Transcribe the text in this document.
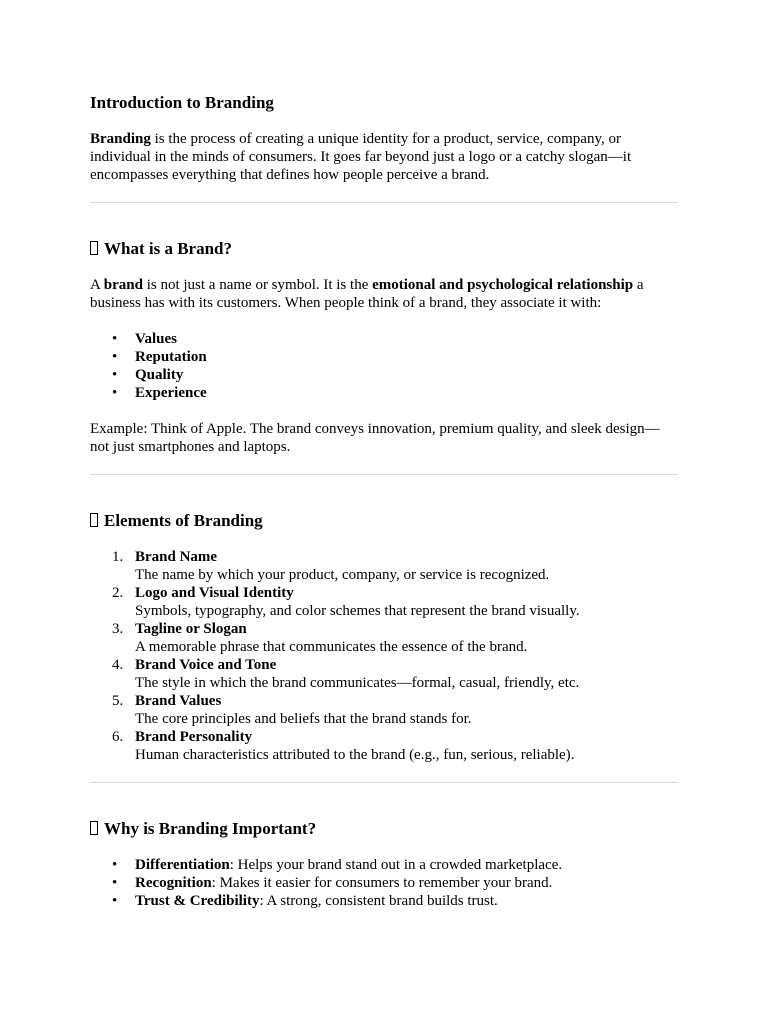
Introduction to Branding

Branding is the process of creating a unique identity for a product, service, company, or individual in the minds of consumers. It goes far beyond just a logo or a catchy slogan—it encompasses everything that defines how people perceive a brand.

What is a Brand?

A brand is not just a name or symbol. It is the emotional and psychological relationship a business has with its customers. When people think of a brand, they associate it with:

• Values
• Reputation
• Quality
• Experience

Example: Think of Apple. The brand conveys innovation, premium quality, and sleek design—not just smartphones and laptops.

Elements of Branding
1. Brand Name
The name by which your product, company, or service is recognized.
2. Logo and Visual Identity
Symbols, typography, and color schemes that represent the brand visually.
3. Tagline or Slogan
A memorable phrase that communicates the essence of the brand.
4. Brand Voice and Tone
The style in which the brand communicates—formal, casual, friendly, etc.
5. Brand Values
The core principles and beliefs that the brand stands for.
6. Brand Personality
Human characteristics attributed to the brand (e.g., fun, serious, reliable).
Why is Branding Important?
• Differentiation: Helps your brand stand out in a crowded marketplace.
• Recognition: Makes it easier for consumers to remember your brand.
• Trust & Credibility: A strong, consistent brand builds trust.
